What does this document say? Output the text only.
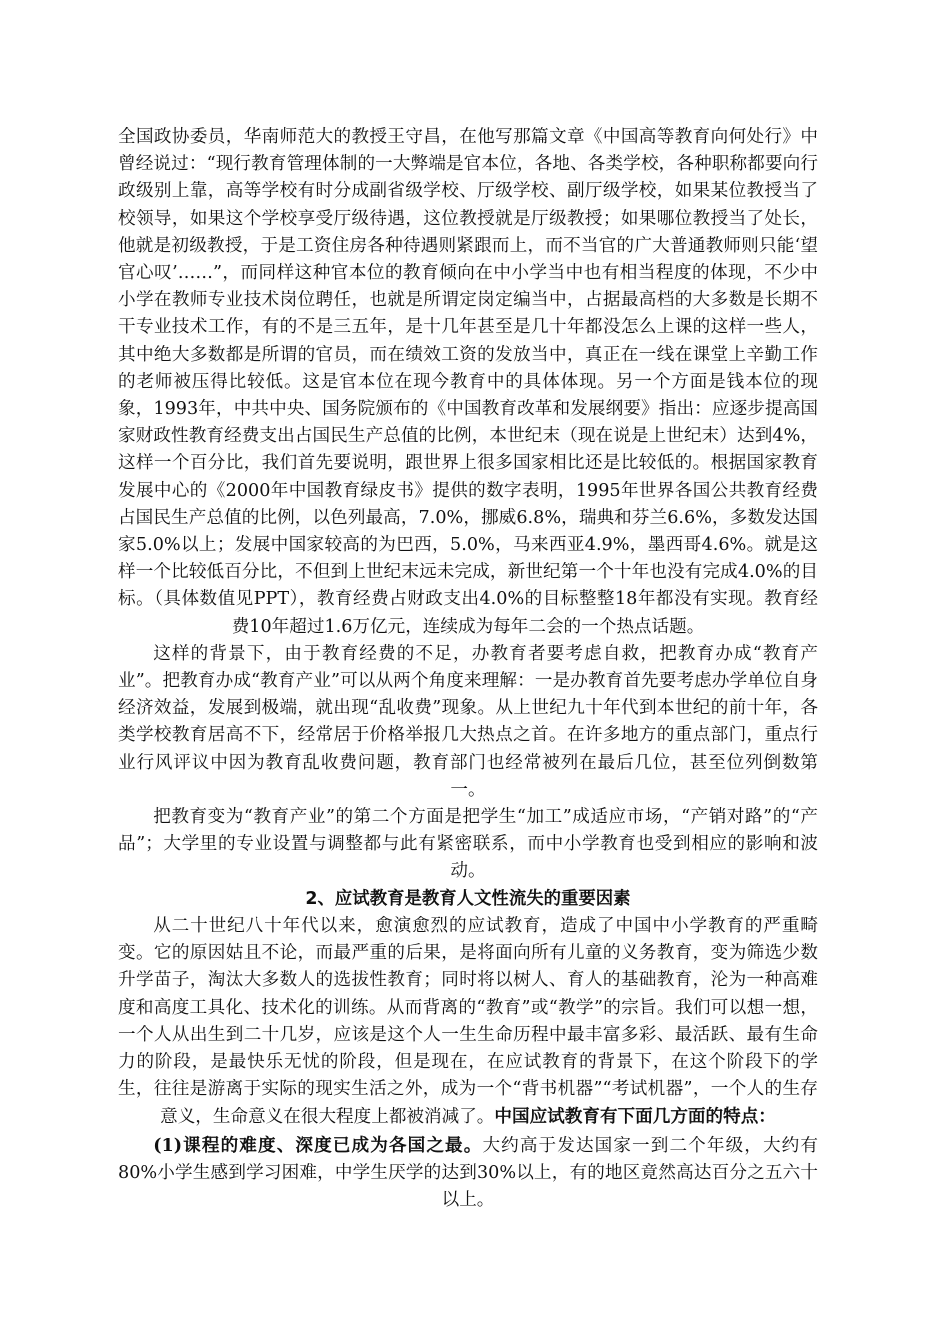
全国政协委员，华南师范大的教授王守昌，在他写那篇文章《中国高等教育向何处行》中曾经说过：“现行教育管理体制的一大弊端是官本位，各地、各类学校，各种职称都要向行政级别上靠，高等学校有时分成副省级学校、厅级学校、副厅级学校，如果某位教授当了校领导，如果这个学校享受厅级待遇，这位教授就是厅级教授；如果哪位教授当了处长，他就是初级教授，于是工资住房各种待遇则紧跟而上，而不当官的广大普通教师则只能‘望官心叹’……”，而同样这种官本位的教育倾向在中小学当中也有相当程度的体现，不少中小学在教师专业技术岗位聘任，也就是所谓定岗定编当中，占据最高档的大多数是长期不干专业技术工作，有的不是三五年，是十几年甚至是几十年都没怎么上课的这样一些人，其中绝大多数都是所谓的官员，而在绩效工资的发放当中，真正在一线在课堂上辛勤工作的老师被压得比较低。这是官本位在现今教育中的具体体现。另一个方面是钱本位的现象，1993年，中共中央、国务院颁布的《中国教育改革和发展纲要》指出：应逐步提高国家财政性教育经费支出占国民生产总值的比例，本世纪末（现在说是上世纪末）达到4%，这样一个百分比，我们首先要说明，跟世界上很多国家相比还是比较低的。根据国家教育发展中心的《2000年中国教育绿皮书》提供的数字表明，1995年世界各国公共教育经费占国民生产总值的比例，以色列最高，7.0%，挪威6.8%，瑞典和芬兰6.6%，多数发达国家5.0%以上；发展中国家较高的为巴西，5.0%，马来西亚4.9%，墨西哥4.6%。就是这样一个比较低百分比，不但到上世纪末远未完成，新世纪第一个十年也没有完成4.0%的目标。（具体数值见PPT），教育经费占财政支出4.0%的目标整整18年都没有实现。教育经费10年超过1.6万亿元，连续成为每年二会的一个热点话题。

这样的背景下，由于教育经费的不足，办教育者要考虑自救，把教育办成“教育产业”。把教育办成“教育产业”可以从两个角度来理解：一是办教育首先要考虑办学单位自身经济效益，发展到极端，就出现“乱收费”现象。从上世纪九十年代到本世纪的前十年，各类学校教育居高不下，经常居于价格举报几大热点之首。在许多地方的重点部门，重点行业行风评议中因为教育乱收费问题，教育部门也经常被列在最后几位，甚至位列倒数第一。

把教育变为“教育产业”的第二个方面是把学生“加工”成适应市场，“产销对路”的“产品”；大学里的专业设置与调整都与此有紧密联系，而中小学教育也受到相应的影响和波动。

2、应试教育是教育人文性流失的重要因素

从二十世纪八十年代以来，愈演愈烈的应试教育，造成了中国中小学教育的严重畸变。它的原因姑且不论，而最严重的后果，是将面向所有儿童的义务教育，变为筛选少数升学苗子，淘汰大多数人的选拔性教育；同时将以树人、育人的基础教育，沦为一种高难度和高度工具化、技术化的训练。从而背离的“教育”或“教学”的宗旨。我们可以想一想，一个人从出生到二十几岁，应该是这个人一生生命历程中最丰富多彩、最活跃、最有生命力的阶段，是最快乐无忧的阶段，但是现在，在应试教育的背景下，在这个阶段下的学生，往往是游离于实际的现实生活之外，成为一个“背书机器”“考试机器”，一个人的生存意义，生命意义在很大程度上都被消减了。中国应试教育有下面几方面的特点：

(1)课程的难度、深度已成为各国之最。大约高于发达国家一到二个年级，大约有80%小学生感到学习困难，中学生厌学的达到30%以上，有的地区竟然高达百分之五六十以上。
